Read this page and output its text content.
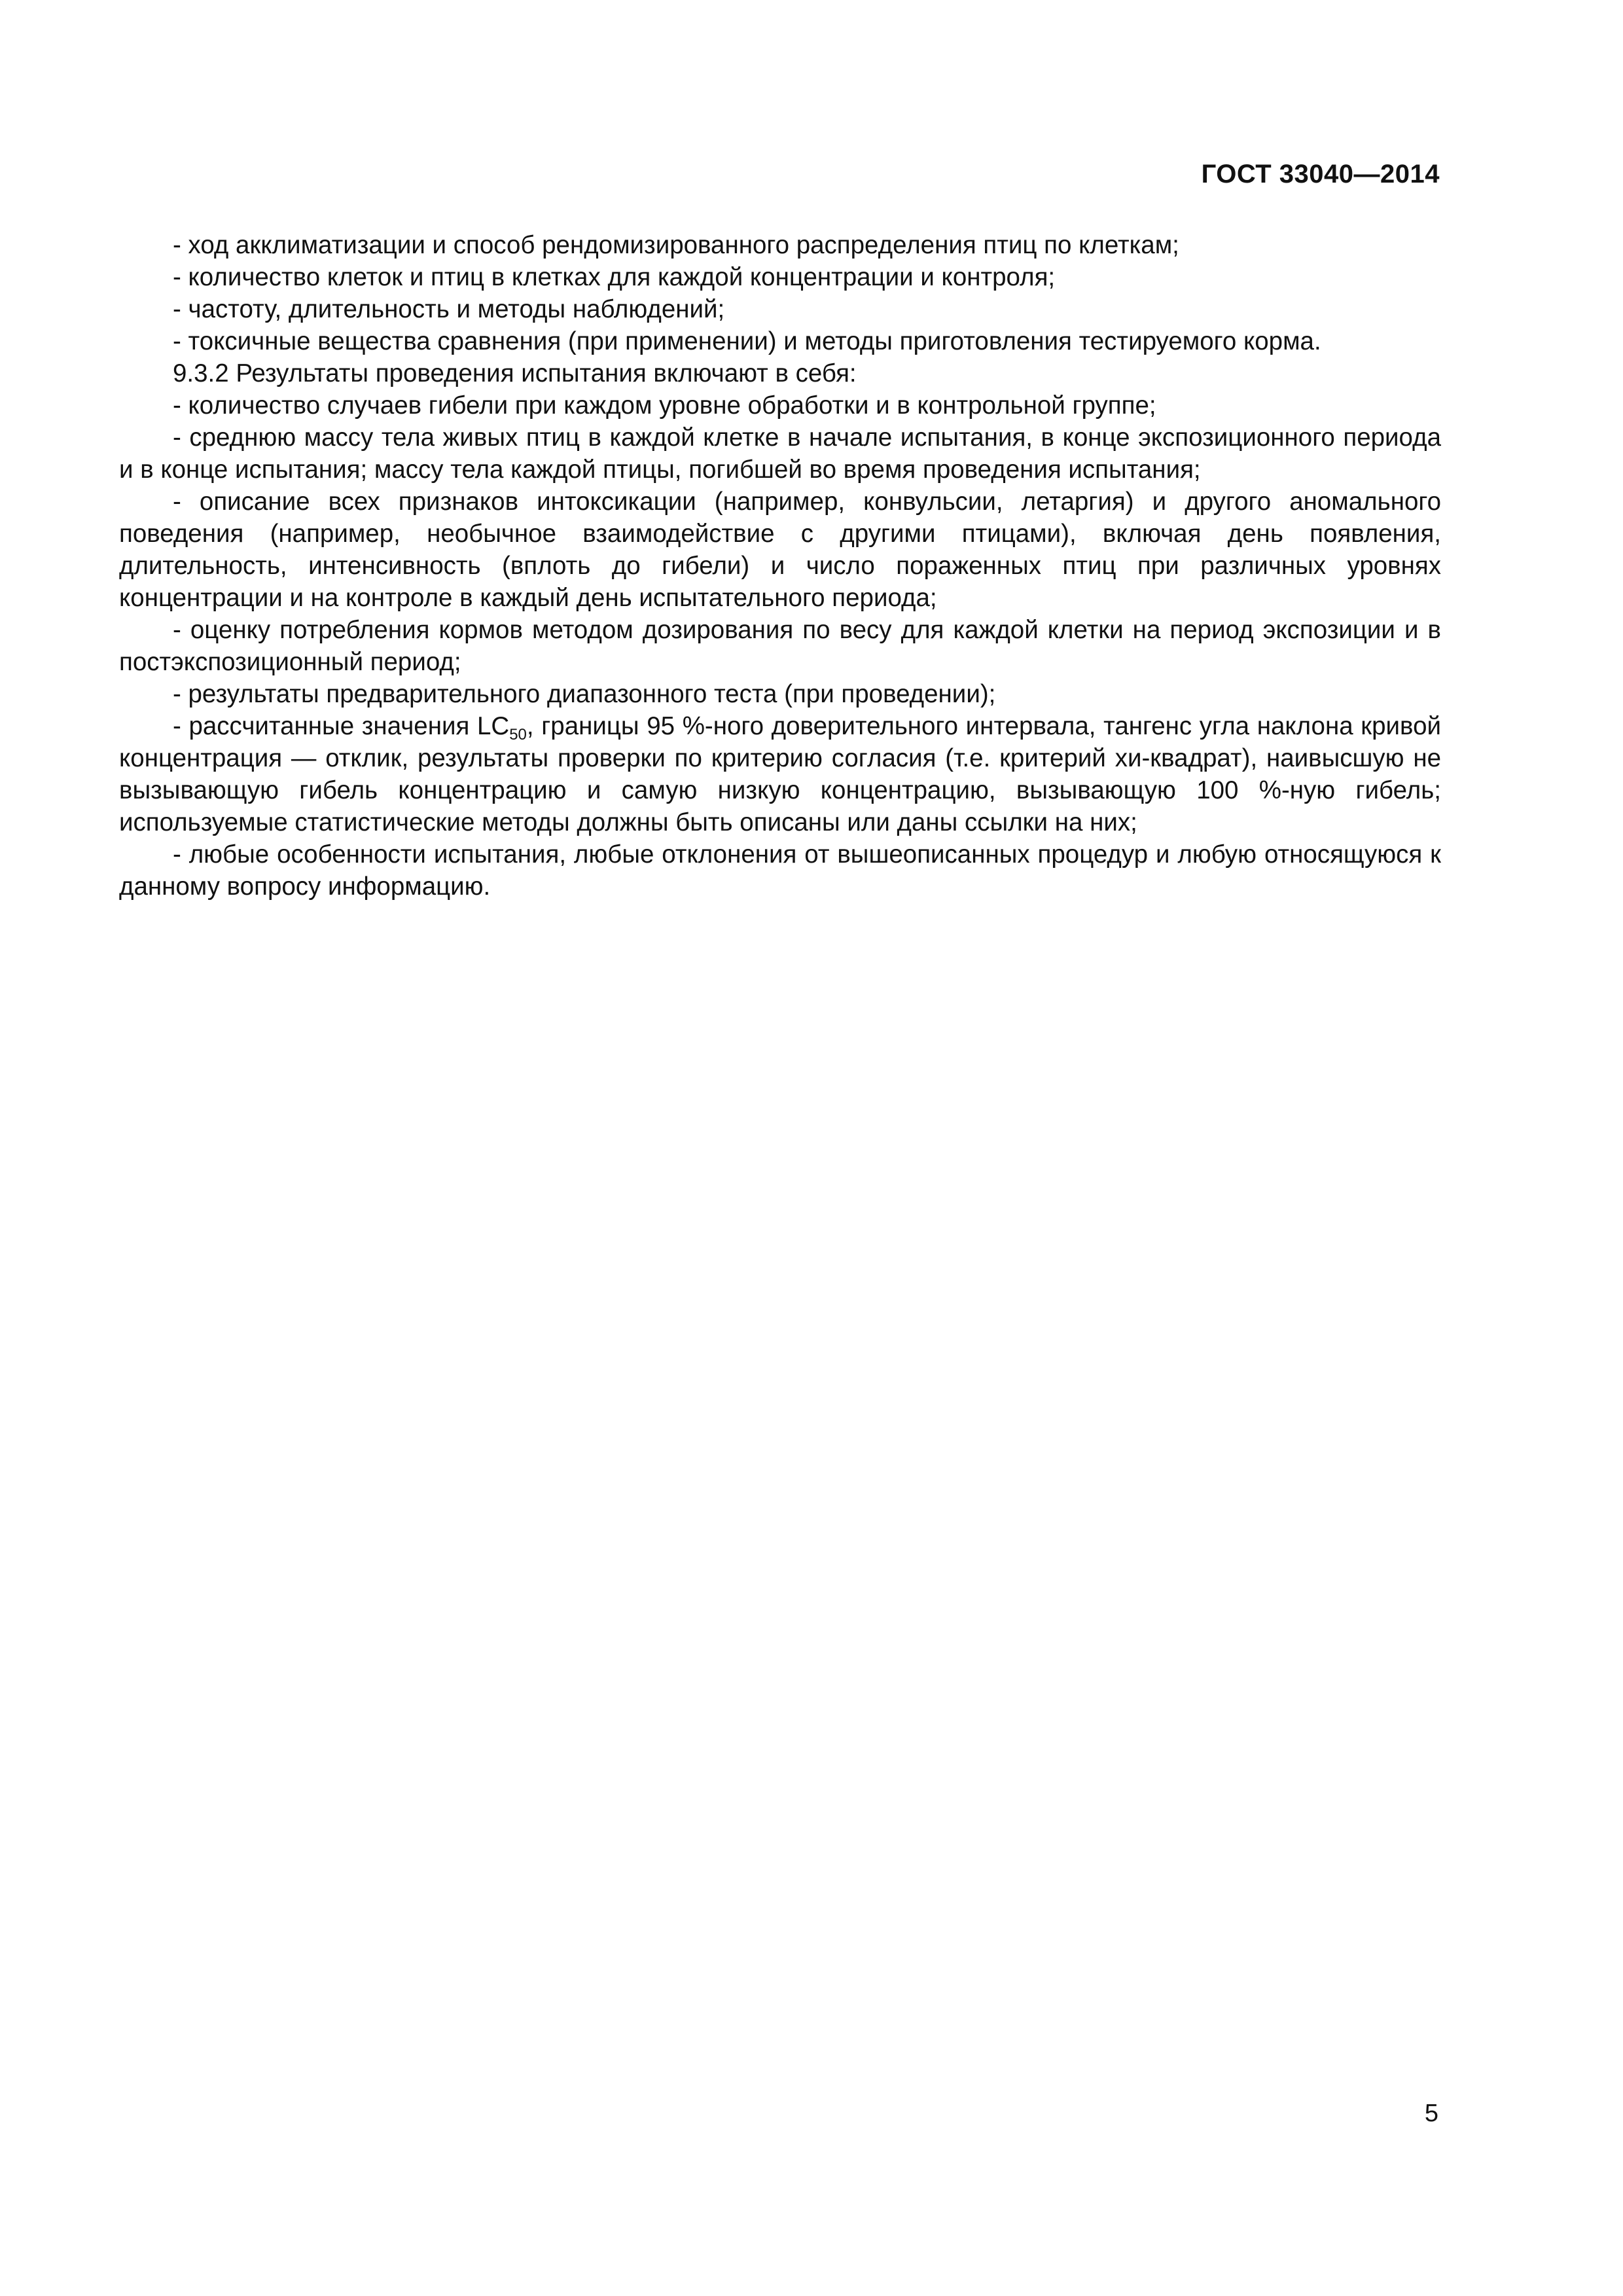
ГОСТ 33040—2014

- ход акклиматизации и способ рендомизированного распределения птиц по клеткам;

- количество клеток и птиц в клетках для каждой концентрации и контроля;

- частоту, длительность и методы наблюдений;

- токсичные вещества сравнения (при применении) и методы приготовления тестируемого корма.

9.3.2 Результаты проведения испытания включают в себя:

- количество случаев гибели при каждом уровне обработки и в контрольной группе;

- среднюю массу тела живых птиц в каждой клетке в начале испытания, в конце экспозиционного периода и в конце испытания; массу тела каждой птицы, погибшей во время проведения испытания;

- описание всех признаков интоксикации (например, конвульсии, летаргия) и другого аномального поведения (например, необычное взаимодействие с другими птицами), включая день появления, длительность, интенсивность (вплоть до гибели) и число пораженных птиц при различных уровнях концентрации и на контроле в каждый день испытательного периода;

- оценку потребления кормов методом дозирования по весу для каждой клетки на период экспозиции и в постэкспозиционный период;

- результаты предварительного диапазонного теста (при проведении);

- рассчитанные значения $LC_{50}$, границы 95 %-ного доверительного интервала, тангенс угла наклона кривой концентрация — отклик, результаты проверки по критерию согласия (т.е. критерий хи-квадрат), наивысшую не вызывающую гибель концентрацию и самую низкую концентрацию, вызывающую 100 %-ную гибель; используемые статистические методы должны быть описаны или даны ссылки на них;

- любые особенности испытания, любые отклонения от вышеописанных процедур и любую относящуюся к данному вопросу информацию.

5
